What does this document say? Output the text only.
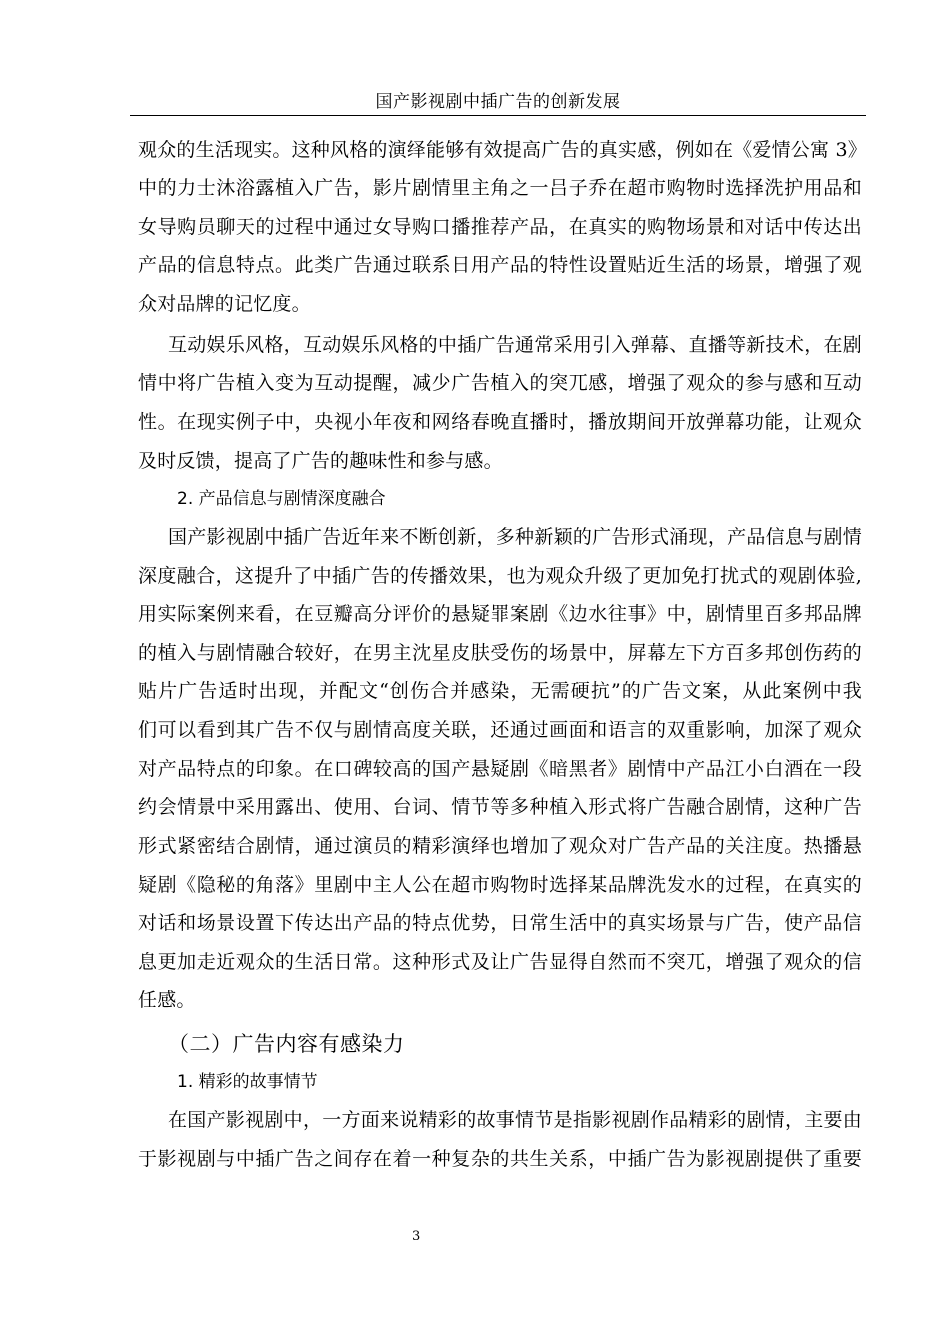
国产影视剧中插广告的创新发展
观众的生活现实。这种风格的演绎能够有效提高广告的真实感，例如在《爱情公寓 3》
中的力士沐浴露植入广告，影片剧情里主角之一吕子乔在超市购物时选择洗护用品和
女导购员聊天的过程中通过女导购口播推荐产品，在真实的购物场景和对话中传达出
产品的信息特点。此类广告通过联系日用产品的特性设置贴近生活的场景，增强了观
众对品牌的记忆度。
互动娱乐风格，互动娱乐风格的中插广告通常采用引入弹幕、直播等新技术，在剧
情中将广告植入变为互动提醒，减少广告植入的突兀感，增强了观众的参与感和互动
性。在现实例子中，央视小年夜和网络春晚直播时，播放期间开放弹幕功能，让观众
及时反馈，提高了广告的趣味性和参与感。
2. 产品信息与剧情深度融合
国产影视剧中插广告近年来不断创新，多种新颖的广告形式涌现，产品信息与剧情
深度融合，这提升了中插广告的传播效果，也为观众升级了更加免打扰式的观剧体验,
用实际案例来看，在豆瓣高分评价的悬疑罪案剧《边水往事》中，剧情里百多邦品牌
的植入与剧情融合较好，在男主沈星皮肤受伤的场景中，屏幕左下方百多邦创伤药的
贴片广告适时出现，并配文“创伤合并感染，无需硬抗”的广告文案，从此案例中我
们可以看到其广告不仅与剧情高度关联，还通过画面和语言的双重影响，加深了观众
对产品特点的印象。在口碑较高的国产悬疑剧《暗黑者》剧情中产品江小白酒在一段
约会情景中采用露出、使用、台词、情节等多种植入形式将广告融合剧情，这种广告
形式紧密结合剧情，通过演员的精彩演绎也增加了观众对广告产品的关注度。热播悬
疑剧《隐秘的角落》里剧中主人公在超市购物时选择某品牌洗发水的过程，在真实的
对话和场景设置下传达出产品的特点优势，日常生活中的真实场景与广告，使产品信
息更加走近观众的生活日常。这种形式及让广告显得自然而不突兀，增强了观众的信
任感。
（二）广告内容有感染力
1. 精彩的故事情节
在国产影视剧中，一方面来说精彩的故事情节是指影视剧作品精彩的剧情，主要由
于影视剧与中插广告之间存在着一种复杂的共生关系，中插广告为影视剧提供了重要
3
